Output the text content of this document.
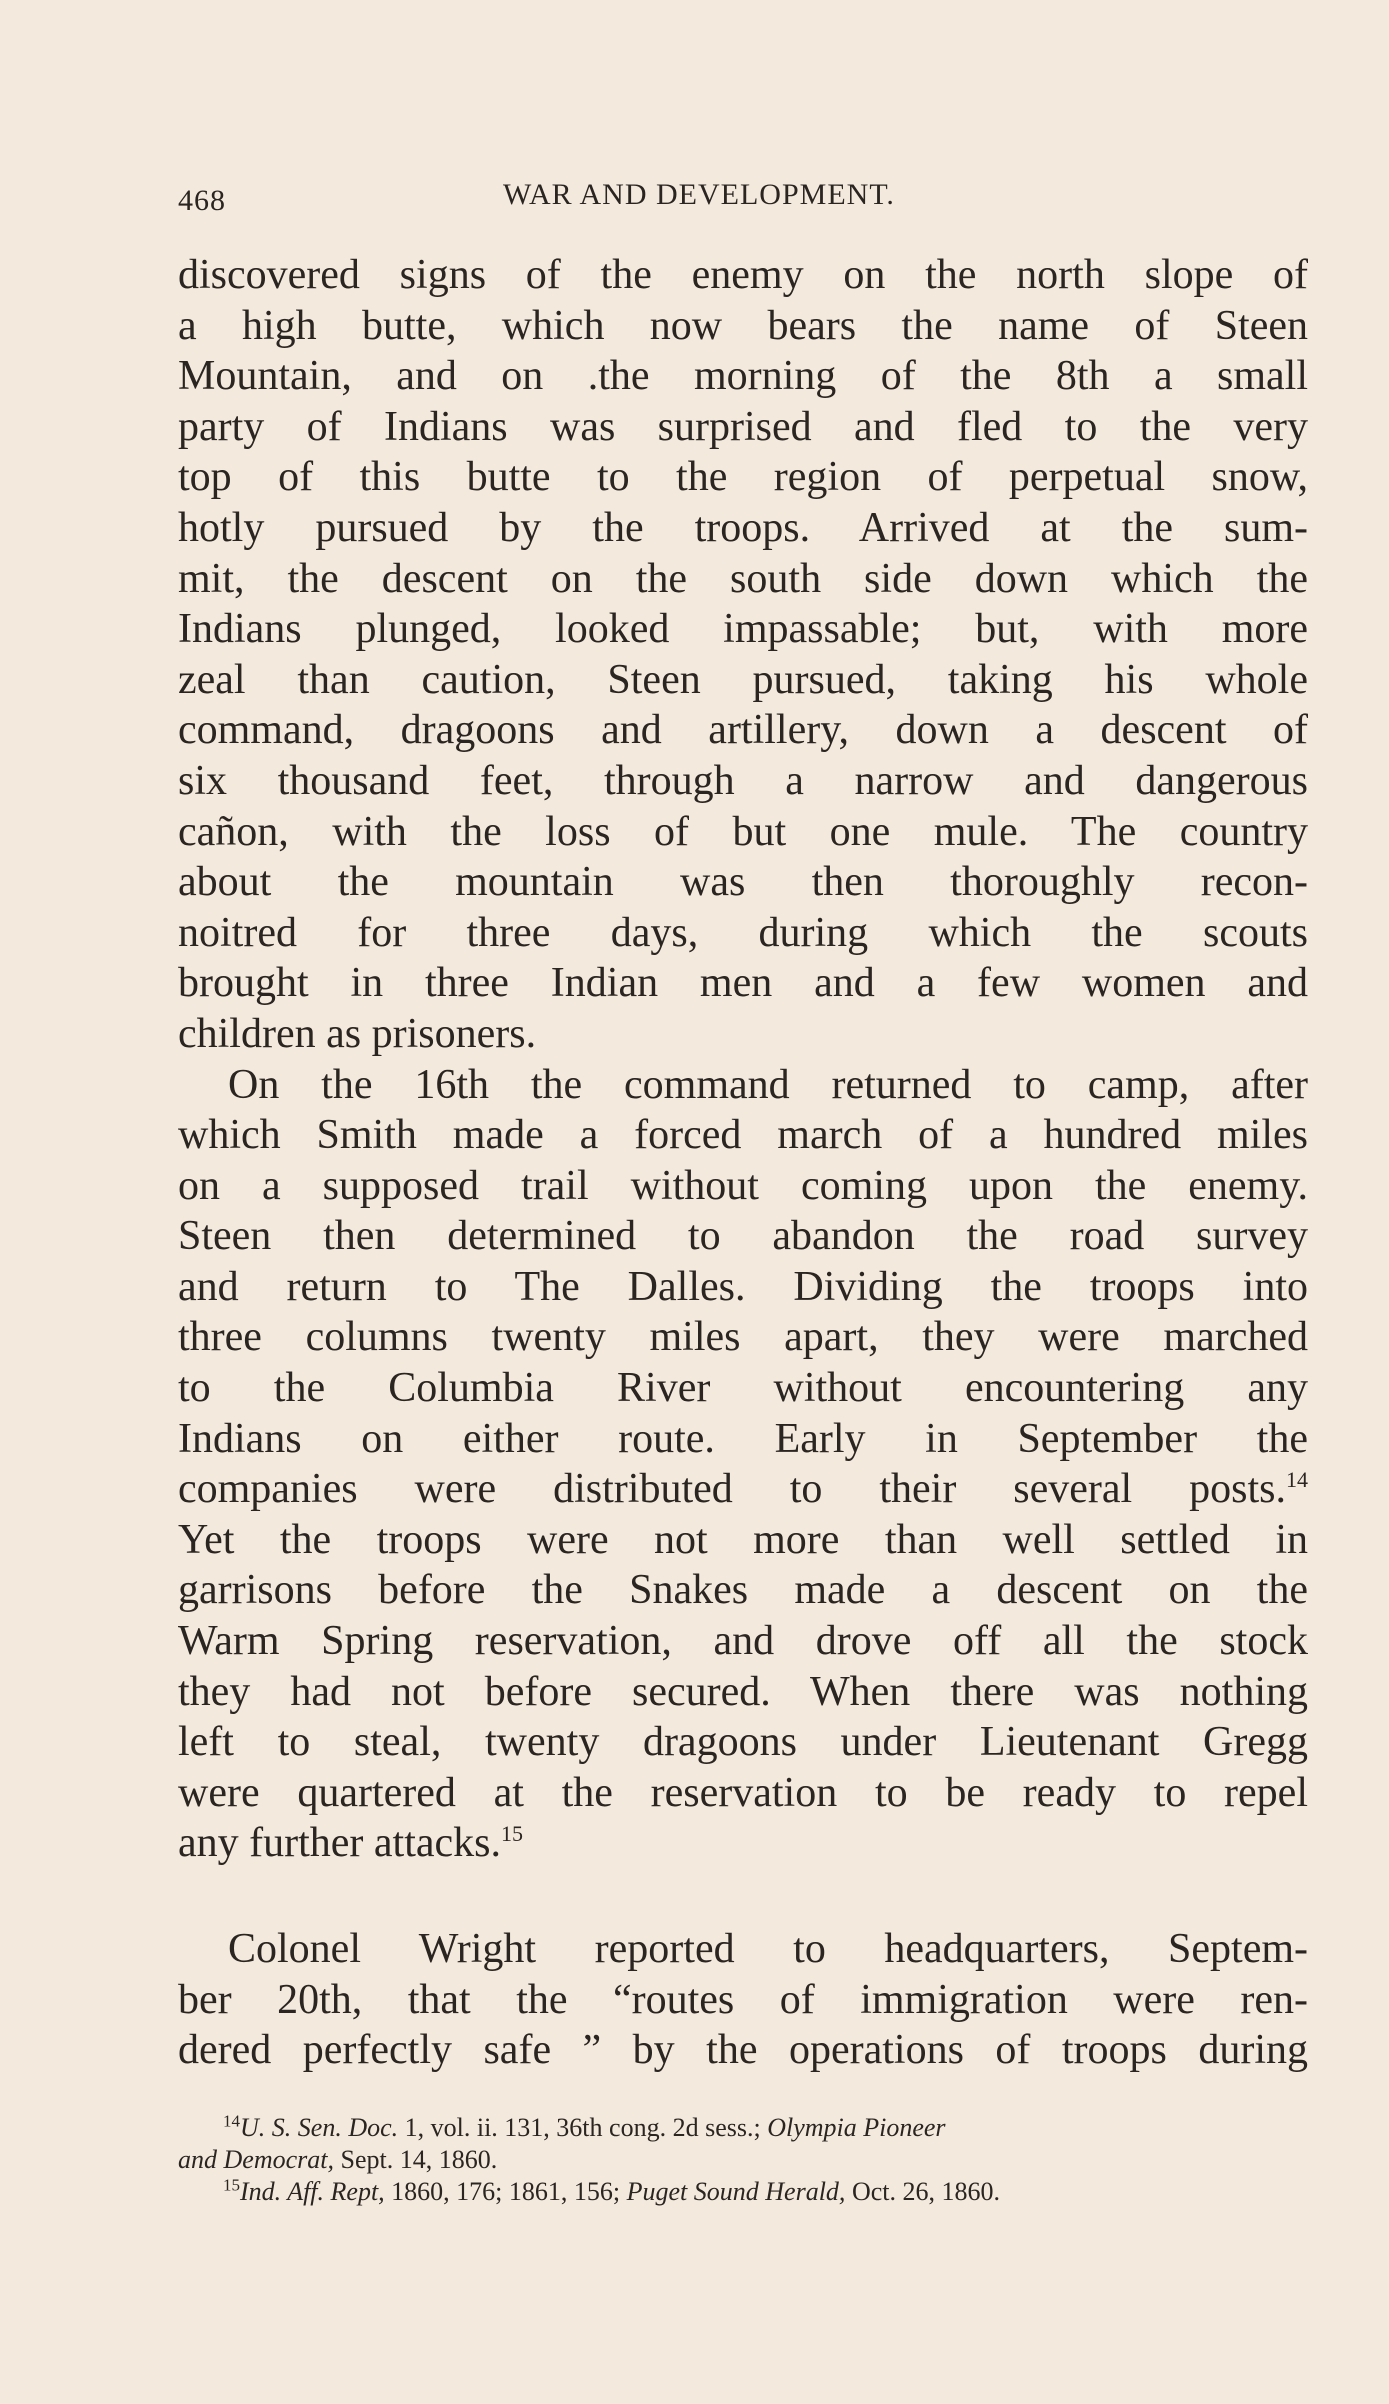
468	WAR AND DEVELOPMENT.
discovered signs of the enemy on the north slope of
a high butte, which now bears the name of Steen
Mountain, and on .the morning of the 8th a small
party of Indians was surprised and fled to the very
top of this butte to the region of perpetual snow,
hotly pursued by the troops. Arrived at the sum-
mit, the descent on the south side down which the
Indians plunged, looked impassable; but, with more
zeal than caution, Steen pursued, taking his whole
command, dragoons and artillery, down a descent of
six thousand feet, through a narrow and dangerous
cañon, with the loss of but one mule. The country
about the mountain was then thoroughly recon-
noitred for three days, during which the scouts
brought in three Indian men and a few women and
children as prisoners.
On the 16th the command returned to camp, after
which Smith made a forced march of a hundred miles
on a supposed trail without coming upon the enemy.
Steen then determined to abandon the road survey
and return to The Dalles. Dividing the troops into
three columns twenty miles apart, they were marched
to the Columbia River without encountering any
Indians on either route. Early in September the
companies were distributed to their several posts.$^{14}$
Yet the troops were not more than well settled in
garrisons before the Snakes made a descent on the
Warm Spring reservation, and drove off all the stock
they had not before secured. When there was nothing
left to steal, twenty dragoons under Lieutenant Gregg
were quartered at the reservation to be ready to repel
any further attacks.$^{15}$
Colonel Wright reported to headquarters, Septem-
ber 20th, that the “routes of immigration were ren-
dered perfectly safe ” by the operations of troops during
$^{14}$U. S. Sen. Doc. 1, vol. ii. 131, 36th cong. 2d sess.; Olympia Pioneer
and Democrat, Sept. 14, 1860.
$^{15}$Ind. Aff. Rept, 1860, 176; 1861, 156; Puget Sound Herald, Oct. 26, 1860.
